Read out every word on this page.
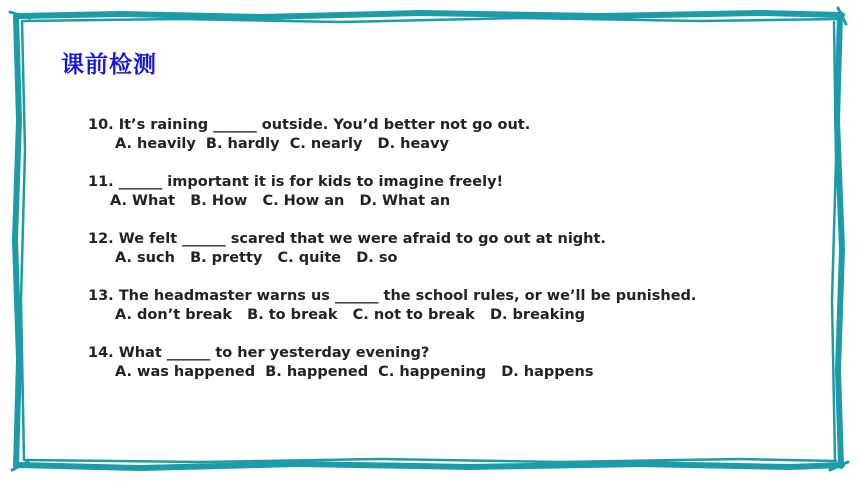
课前检测
10. It’s raining ______ outside. You’d better not go out.
A. heavily  B. hardly  C. nearly   D. heavy
11. ______ important it is for kids to imagine freely!
A. What   B. How   C. How an   D. What an
12. We felt ______ scared that we were afraid to go out at night.
A. such   B. pretty   C. quite   D. so
13. The headmaster warns us ______ the school rules, or we’ll be punished.
A. don’t break   B. to break   C. not to break   D. breaking
14. What ______ to her yesterday evening?
A. was happened  B. happened  C. happening   D. happens
